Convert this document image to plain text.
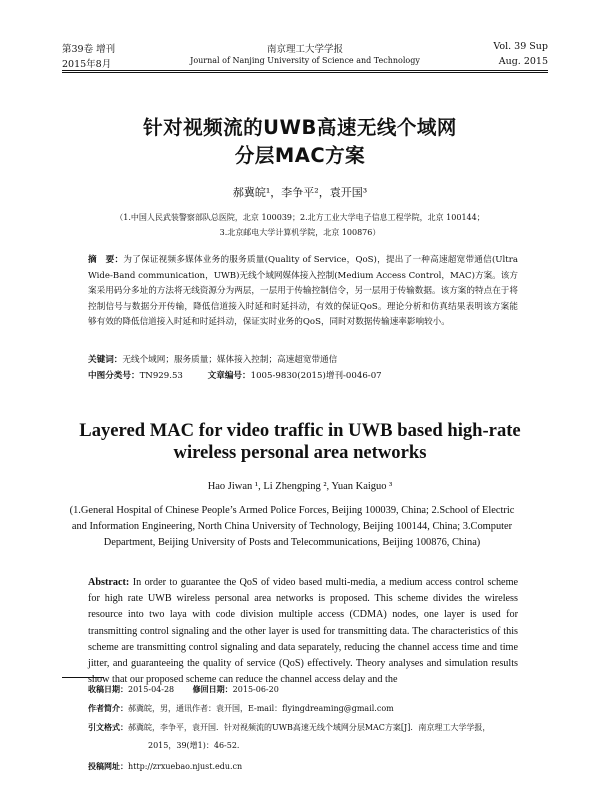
第39卷 增刊	南京理工大学学报	Vol. 39 Sup
2015年8月	Journal of Nanjing University of Science and Technology	Aug. 2015
针对视频流的UWB高速无线个域网
分层MAC方案
郝冀皖¹，李争平²，袁开国³
（1.中国人民武装警察部队总医院，北京 100039；2.北方工业大学电子信息工程学院，北京 100144；
3.北京邮电大学计算机学院，北京 100876）
摘　要：为了保证视频多媒体业务的服务质量(Quality of Service，QoS)，提出了一种高速超宽带通信(Ultra Wide-Band communication，UWB)无线个域网媒体接入控制(Medium Access Control，MAC)方案。该方案采用码分多址的方法将无线资源分为两层，一层用于传输控制信令，另一层用于传输数据。该方案的特点在于将控制信号与数据分开传输，降低信道接入时延和时延抖动，有效的保证QoS。理论分析和仿真结果表明该方案能够有效的降低信道接入时延和时延抖动，保证实时业务的QoS，同时对数据传输速率影响较小。
关键词：无线个域网；服务质量；媒体接入控制；高速超宽带通信
中图分类号：TN929.53	文章编号：1005-9830(2015)增刊-0046-07
Layered MAC for video traffic in UWB based high-rate
wireless personal area networks
Hao Jiwan ¹, Li Zhengping ², Yuan Kaiguo ³
(1.General Hospital of Chinese People’s Armed Police Forces, Beijing 100039, China; 2.School of Electric and Information Engineering, North China University of Technology, Beijing 100144, China; 3.Computer Department, Beijing University of Posts and Telecommunications, Beijing 100876, China)
Abstract: In order to guarantee the QoS of video based multi-media, a medium access control scheme for high rate UWB wireless personal area networks is proposed. This scheme divides the wireless resource into two laya with code division multiple access (CDMA) nodes, one layer is used for transmitting control signaling and the other layer is used for transmitting data. The characteristics of this scheme are transmitting control signaling and data separately, reducing the channel access time and time jitter, and guaranteeing the quality of service (QoS) effectively. Theory analyses and simulation results show that our proposed scheme can reduce the channel access delay and the
收稿日期：2015-04-28 修回日期：2015-06-20
作者简介：郝冀皖，男，通讯作者：袁开国，E-mail：flyingdreaming@gmail.com
引文格式：郝冀皖，李争平，袁开国．针对视频流的UWB高速无线个域网分层MAC方案[J]．南京理工大学学报，
2015，39(增1)：46-52.
投稿网址：http://zrxuebao.njust.edu.cn
